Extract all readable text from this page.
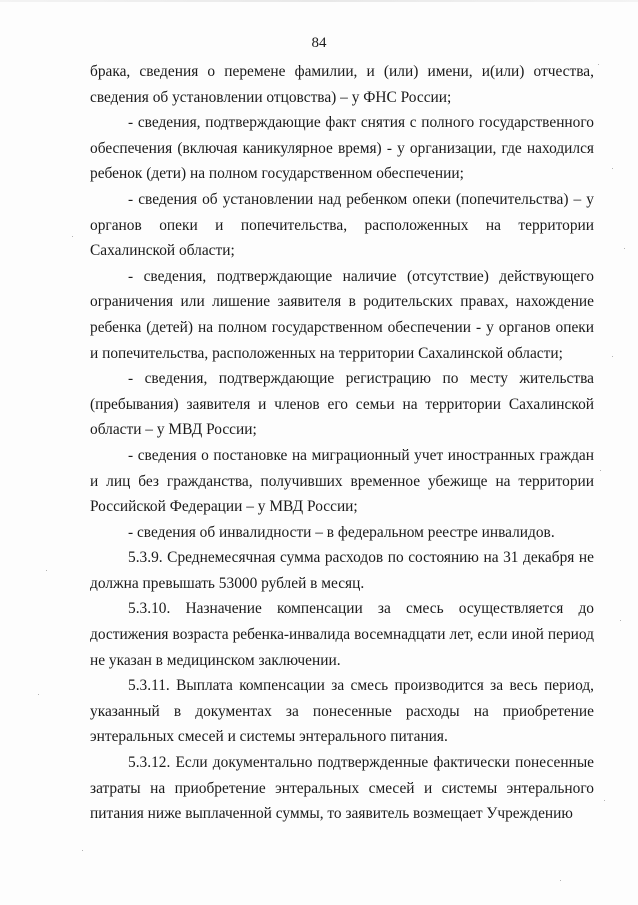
84

брака, сведения о перемене фамилии, и (или) имени, и(или) отчества, сведения об установлении отцовства) – у ФНС России;

- сведения, подтверждающие факт снятия с полного государственного обеспечения (включая каникулярное время) - у организации, где находился ребенок (дети) на полном государственном обеспечении;

- сведения об установлении над ребенком опеки (попечительства) – у органов опеки и попечительства, расположенных на территории Сахалинской области;

- сведения, подтверждающие наличие (отсутствие) действующего ограничения или лишение заявителя в родительских правах, нахождение ребенка (детей) на полном государственном обеспечении - у органов опеки и попечительства, расположенных на территории Сахалинской области;

- сведения, подтверждающие регистрацию по месту жительства (пребывания) заявителя и членов его семьи на территории Сахалинской области – у МВД России;

- сведения о постановке на миграционный учет иностранных граждан и лиц без гражданства, получивших временное убежище на территории Российской Федерации – у МВД России;

- сведения об инвалидности – в федеральном реестре инвалидов.

5.3.9. Среднемесячная сумма расходов по состоянию на 31 декабря не должна превышать 53000 рублей в месяц.

5.3.10. Назначение компенсации за смесь осуществляется до достижения возраста ребенка-инвалида восемнадцати лет, если иной период не указан в медицинском заключении.

5.3.11. Выплата компенсации за смесь производится за весь период, указанный в документах за понесенные расходы на приобретение энтеральных смесей и системы энтерального питания.

5.3.12. Если документально подтвержденные фактически понесенные затраты на приобретение энтеральных смесей и системы энтерального питания ниже выплаченной суммы, то заявитель возмещает Учреждению
